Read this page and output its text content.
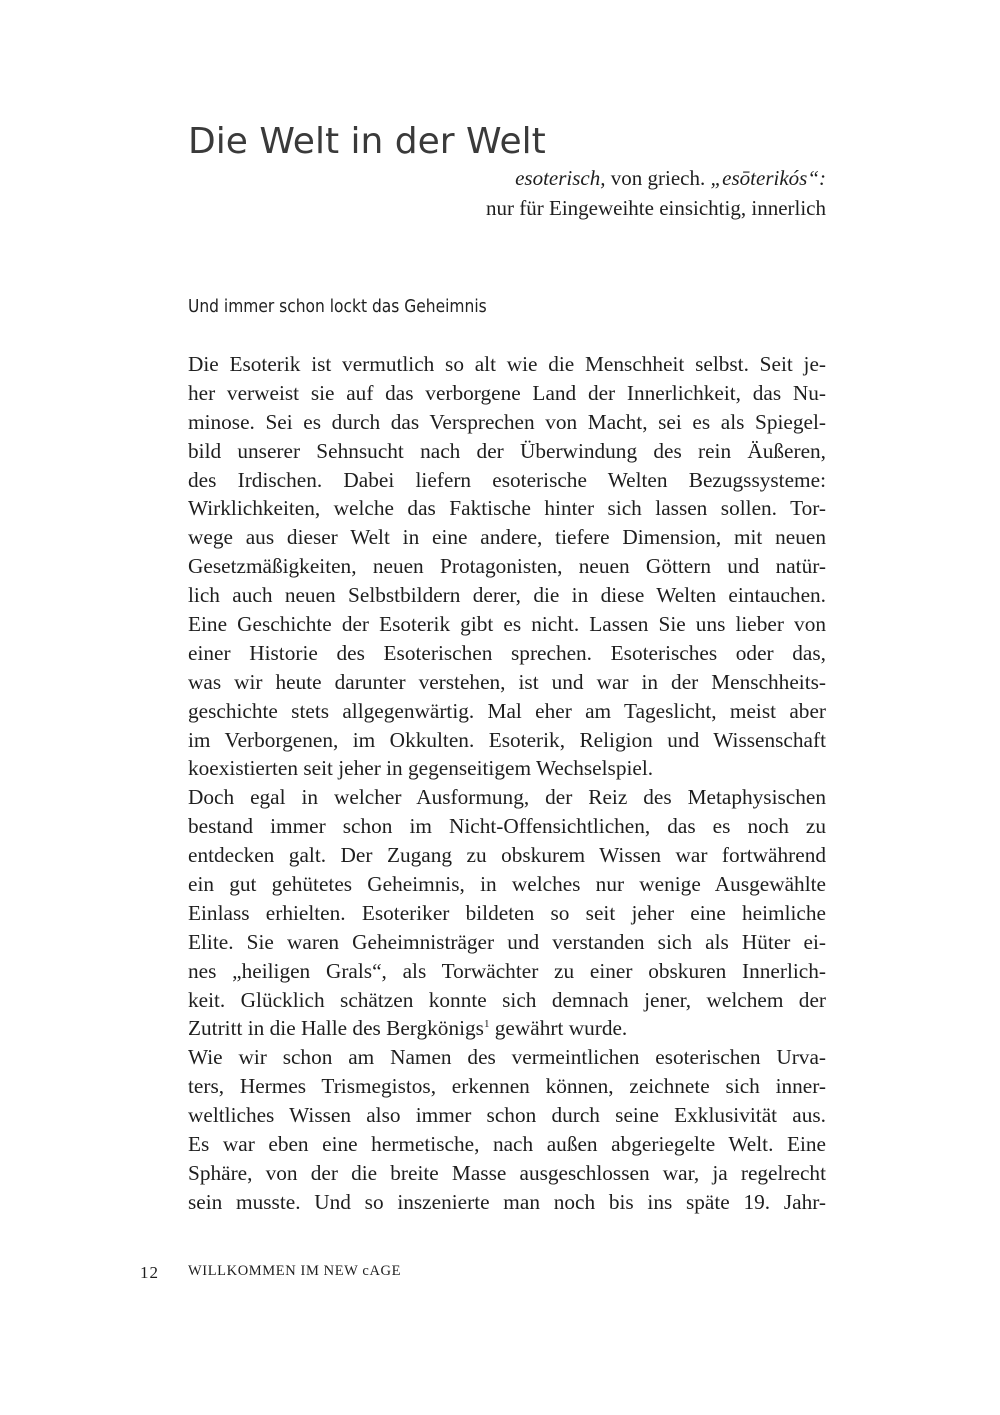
Die Welt in der Welt
esoterisch, von griech. „esōterikós“:
nur für Eingeweihte einsichtig, innerlich
Und immer schon lockt das Geheimnis
Die Esoterik ist vermutlich so alt wie die Menschheit selbst. Seit je-
her verweist sie auf das verborgene Land der Innerlichkeit, das Nu-
minose. Sei es durch das Versprechen von Macht, sei es als Spiegel-
bild unserer Sehnsucht nach der Überwindung des rein Äußeren,
des Irdischen. Dabei liefern esoterische Welten Bezugssysteme:
Wirklichkeiten, welche das Faktische hinter sich lassen sollen. Tor-
wege aus dieser Welt in eine andere, tiefere Dimension, mit neuen
Gesetzmäßigkeiten, neuen Protagonisten, neuen Göttern und natür-
lich auch neuen Selbstbildern derer, die in diese Welten eintauchen.
Eine Geschichte der Esoterik gibt es nicht. Lassen Sie uns lieber von
einer Historie des Esoterischen sprechen. Esoterisches oder das,
was wir heute darunter verstehen, ist und war in der Menschheits-
geschichte stets allgegenwärtig. Mal eher am Tageslicht, meist aber
im Verborgenen, im Okkulten. Esoterik, Religion und Wissenschaft
koexistierten seit jeher in gegenseitigem Wechselspiel.
Doch egal in welcher Ausformung, der Reiz des Metaphysischen
bestand immer schon im Nicht-Offensichtlichen, das es noch zu
entdecken galt. Der Zugang zu obskurem Wissen war fortwährend
ein gut gehütetes Geheimnis, in welches nur wenige Ausgewählte
Einlass erhielten. Esoteriker bildeten so seit jeher eine heimliche
Elite. Sie waren Geheimnisträger und verstanden sich als Hüter ei-
nes „heiligen Grals“, als Torwächter zu einer obskuren Innerlich-
keit. Glücklich schätzen konnte sich demnach jener, welchem der
Zutritt in die Halle des Bergkönigs$^1$ gewährt wurde.
Wie wir schon am Namen des vermeintlichen esoterischen Urva-
ters, Hermes Trismegistos, erkennen können, zeichnete sich inner-
weltliches Wissen also immer schon durch seine Exklusivität aus.
Es war eben eine hermetische, nach außen abgeriegelte Welt. Eine
Sphäre, von der die breite Masse ausgeschlossen war, ja regelrecht
sein musste. Und so inszenierte man noch bis ins späte 19. Jahr-
12 WILLKOMMEN IM NEW cAGE
